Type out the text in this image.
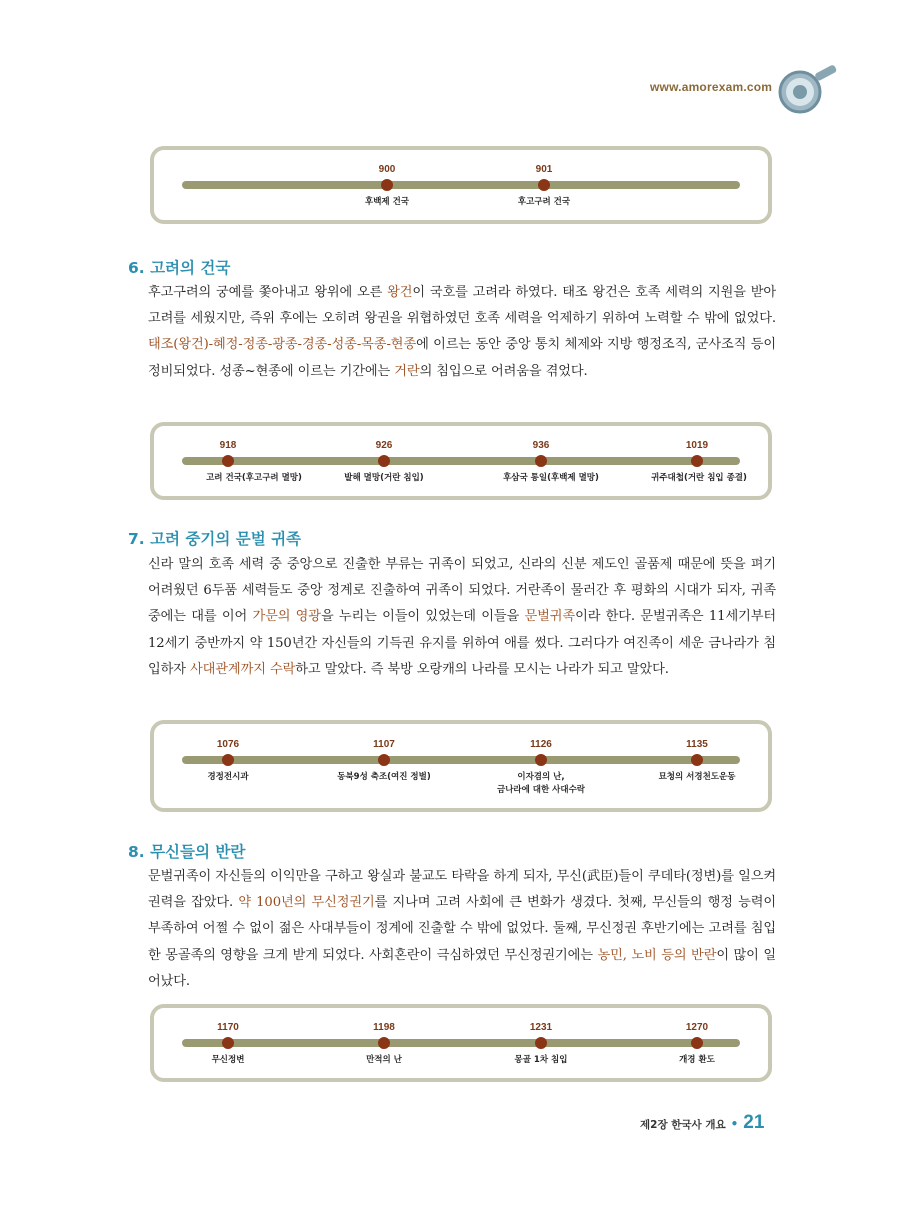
www.amorexam.com
900
후백제 건국
901
후고구려 건국
6. 고려의 건국
후고구려의 궁예를 쫓아내고 왕위에 오른 왕건이 국호를 고려라 하였다. 태조 왕건은 호족 세력의 지원을 받아 고려를 세웠지만, 즉위 후에는 오히려 왕권을 위협하였던 호족 세력을 억제하기 위하여 노력할 수 밖에 없었다. 태조(왕건)-혜정-정종-광종-경종-성종-목종-현종에 이르는 동안 중앙 통치 체제와 지방 행정조직, 군사조직 등이 정비되었다. 성종~현종에 이르는 기간에는 거란의 침입으로 어려움을 겪었다.
918
고려 건국(후고구려 멸망)
926
발해 멸망(거란 침입)
936
후삼국 통일(후백제 멸망)
1019
귀주대첩(거란 침입 종결)
7. 고려 중기의 문벌 귀족
신라 말의 호족 세력 중 중앙으로 진출한 부류는 귀족이 되었고, 신라의 신분 제도인 골품제 때문에 뜻을 펴기 어려웠던 6두품 세력들도 중앙 정계로 진출하여 귀족이 되었다. 거란족이 물러간 후 평화의 시대가 되자, 귀족 중에는 대를 이어 가문의 영광을 누리는 이들이 있었는데 이들을 문벌귀족이라 한다. 문벌귀족은 11세기부터 12세기 중반까지 약 150년간 자신들의 기득권 유지를 위하여 애를 썼다. 그러다가 여진족이 세운 금나라가 침입하자 사대관계까지 수락하고 말았다. 즉 북방 오랑캐의 나라를 모시는 나라가 되고 말았다.
1076
경정전시과
1107
동북9성 축조(여진 정벌)
1126
이자겸의 난,
금나라에 대한 사대수락
1135
묘청의 서경천도운동
8. 무신들의 반란
문벌귀족이 자신들의 이익만을 구하고 왕실과 불교도 타락을 하게 되자, 무신(武臣)들이 쿠데타(정변)를 일으켜 권력을 잡았다. 약 100년의 무신정권기를 지나며 고려 사회에 큰 변화가 생겼다. 첫째, 무신들의 행정 능력이 부족하여 어쩔 수 없이 젊은 사대부들이 정계에 진출할 수 밖에 없었다. 둘째, 무신정권 후반기에는 고려를 침입한 몽골족의 영향을 크게 받게 되었다. 사회혼란이 극심하였던 무신정권기에는 농민, 노비 등의 반란이 많이 일어났다.
1170
무신정변
1198
만적의 난
1231
몽골 1차 침입
1270
개경 환도
제2장 한국사 개요 • 21
